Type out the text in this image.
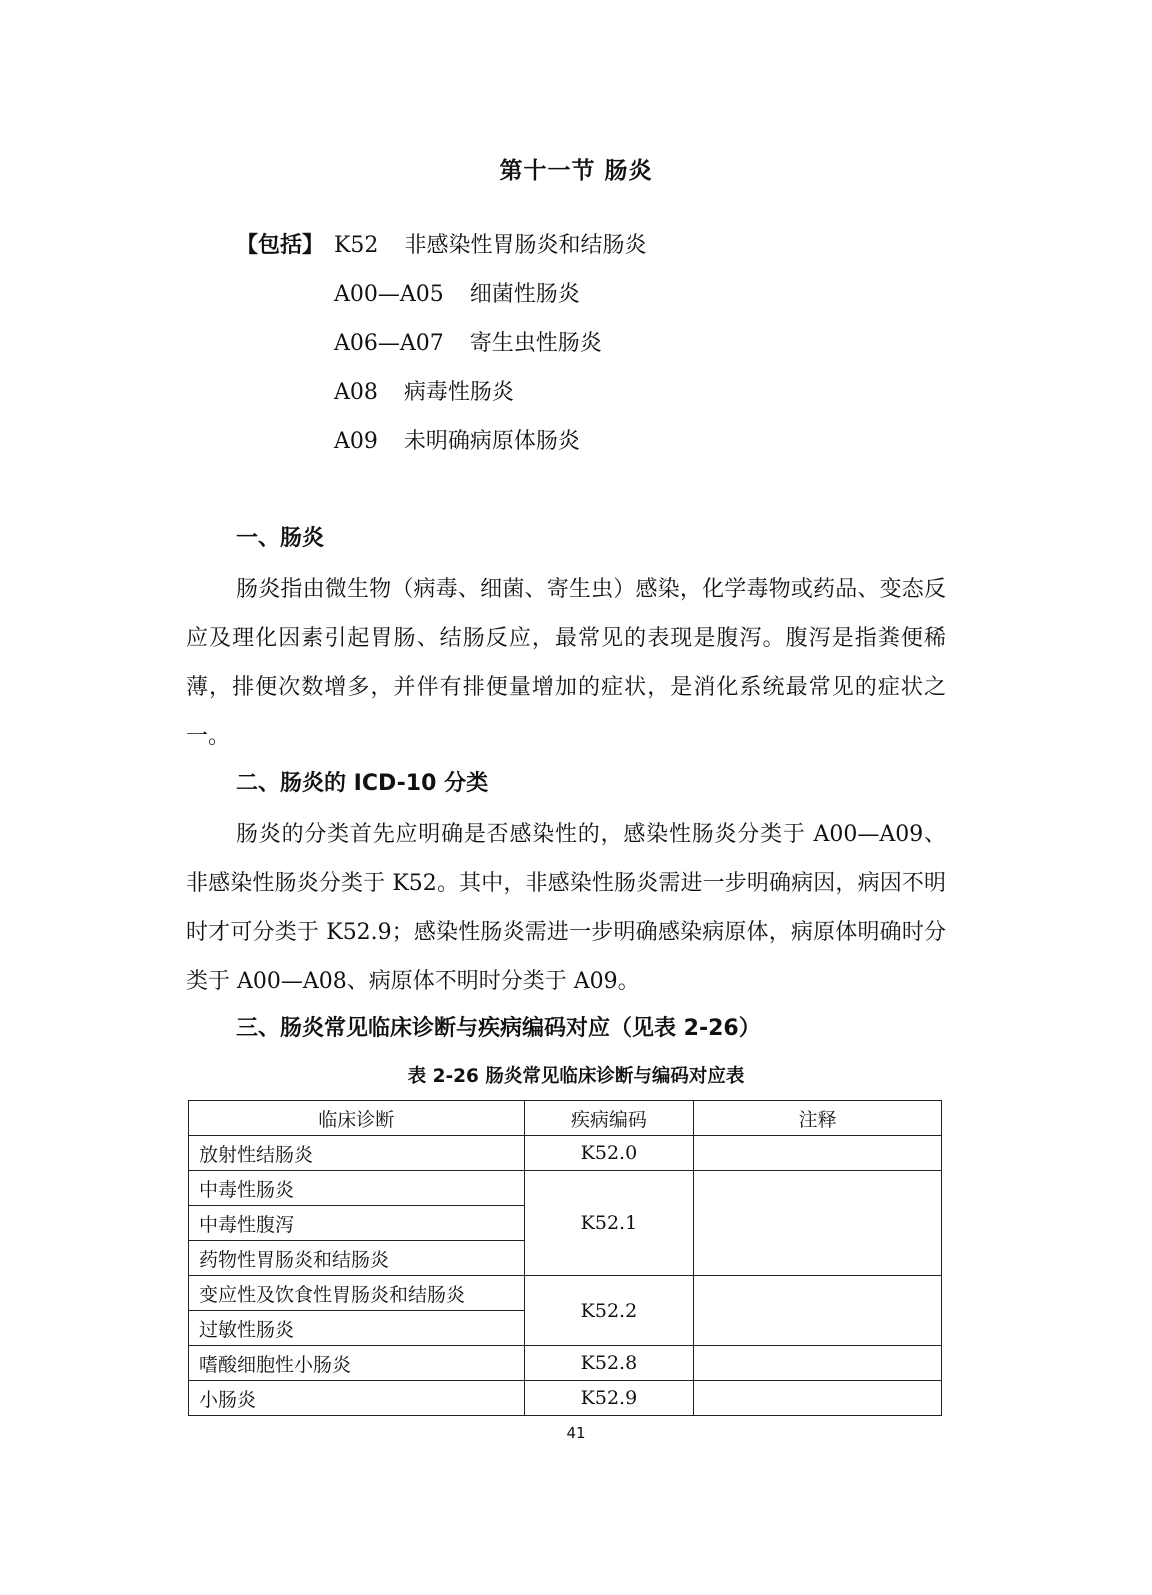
第十一节 肠炎
【包括】 K52 非感染性胃肠炎和结肠炎
A00—A05 细菌性肠炎
A06—A07 寄生虫性肠炎
A08 病毒性肠炎
A09 未明确病原体肠炎
一、肠炎
肠炎指由微生物（病毒、细菌、寄生虫）感染，化学毒物或药品、变态反应及理化因素引起胃肠、结肠反应，最常见的表现是腹泻。腹泻是指粪便稀薄，排便次数增多，并伴有排便量增加的症状，是消化系统最常见的症状之一。
二、肠炎的 ICD-10 分类
肠炎的分类首先应明确是否感染性的，感染性肠炎分类于 A00—A09、非感染性肠炎分类于 K52。其中，非感染性肠炎需进一步明确病因，病因不明时才可分类于 K52.9；感染性肠炎需进一步明确感染病原体，病原体明确时分类于 A00—A08、病原体不明时分类于 A09。
三、肠炎常见临床诊断与疾病编码对应（见表 2-26）
表 2-26 肠炎常见临床诊断与编码对应表
临床诊断	疾病编码	注释
放射性结肠炎	K52.0	
中毒性肠炎	K52.1	
中毒性腹泻		
药物性胃肠炎和结肠炎		
变应性及饮食性胃肠炎和结肠炎	K52.2	
过敏性肠炎		
嗜酸细胞性小肠炎	K52.8	
小肠炎	K52.9	
41
